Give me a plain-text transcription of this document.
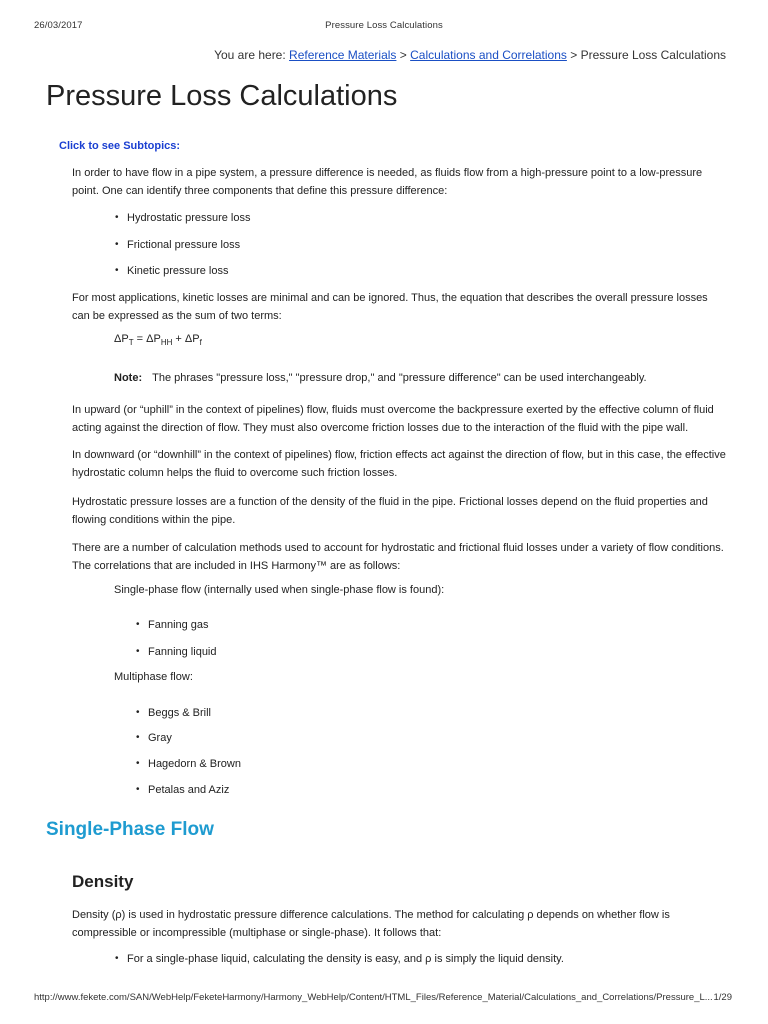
26/03/2017	Pressure Loss Calculations
You are here: Reference Materials > Calculations and Correlations > Pressure Loss Calculations
Pressure Loss Calculations
Click to see Subtopics:

In order to have flow in a pipe system, a pressure difference is needed, as fluids flow from a high-pressure point to a low-pressure point. One can identify three components that define this pressure difference:

• Hydrostatic pressure loss
• Frictional pressure loss
• Kinetic pressure loss

For most applications, kinetic losses are minimal and can be ignored. Thus, the equation that describes the overall pressure losses can be expressed as the sum of two terms:

$\Delta P_T = \Delta P_{HH} + \Delta P_f$
Note: The phrases "pressure loss," "pressure drop," and "pressure difference" can be used interchangeably.

In upward (or “uphill” in the context of pipelines) flow, fluids must overcome the backpressure exerted by the effective column of fluid acting against the direction of flow. They must also overcome friction losses due to the interaction of the fluid with the pipe wall.

In downward (or “downhill” in the context of pipelines) flow, friction effects act against the direction of flow, but in this case, the effective hydrostatic column helps the fluid to overcome such friction losses.

Hydrostatic pressure losses are a function of the density of the fluid in the pipe. Frictional losses depend on the fluid properties and flowing conditions within the pipe.

There are a number of calculation methods used to account for hydrostatic and frictional fluid losses under a variety of flow conditions. The correlations that are included in IHS Harmony™ are as follows:

Single-phase flow (internally used when single-phase flow is found):
• Fanning gas
• Fanning liquid
Multiphase flow:
• Beggs & Brill
• Gray
• Hagedorn & Brown
• Petalas and Aziz
Single-Phase Flow
Density

Density (ρ) is used in hydrostatic pressure difference calculations. The method for calculating ρ depends on whether flow is compressible or incompressible (multiphase or single-phase). It follows that:

• For a single-phase liquid, calculating the density is easy, and ρ is simply the liquid density.
http://www.fekete.com/SAN/WebHelp/FeketeHarmony/Harmony_WebHelp/Content/HTML_Files/Reference_Material/Calculations_and_Correlations/Pressure_L... 1/29
